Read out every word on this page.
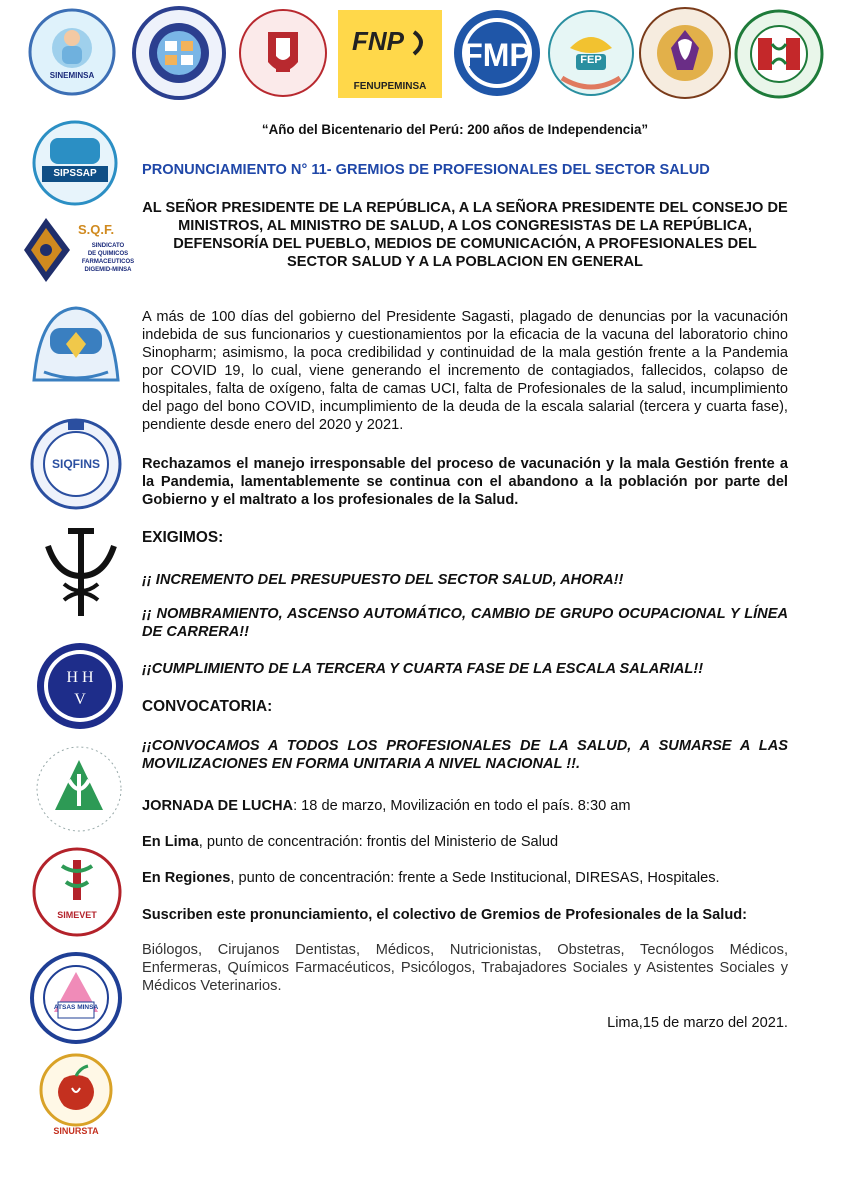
SINEMINSA
FNP
FENUPEMINSA
FMP	FEP
SIPSSAP
S.Q.F.
SINDICATO
DE QUIMICOS
FARMACEUTICOS
DIGEMID-MINSA
SIQFINS
H H
V
SIMEVET
ATSAS MINSA
SINURSTA
“Año del Bicentenario del Perú: 200 años de Independencia”
PRONUNCIAMIENTO N° 11- GREMIOS DE PROFESIONALES DEL SECTOR SALUD
AL SEÑOR PRESIDENTE DE LA REPÚBLICA, A LA SEÑORA PRESIDENTE DEL CONSEJO DE MINISTROS, AL MINISTRO DE SALUD, A LOS CONGRESISTAS DE LA REPÚBLICA, DEFENSORÍA DEL PUEBLO, MEDIOS DE COMUNICACIÓN, A PROFESIONALES DEL SECTOR SALUD Y A LA POBLACION EN GENERAL

A más de 100 días del gobierno del Presidente Sagasti, plagado de denuncias por la vacunación indebida de sus funcionarios y cuestionamientos por la eficacia de la vacuna del laboratorio chino Sinopharm; asimismo, la poca credibilidad y continuidad de la mala gestión frente a la Pandemia por COVID 19, lo cual, viene generando el incremento de contagiados, fallecidos, colapso de hospitales, falta de oxígeno, falta de camas UCI, falta de Profesionales de la salud, incumplimiento del pago del bono COVID, incumplimiento de la deuda de la escala salarial (tercera y cuarta fase), pendiente desde enero del 2020 y 2021.

Rechazamos el manejo irresponsable del proceso de vacunación y la mala Gestión frente a la Pandemia, lamentablemente se continua con el abandono a la población por parte del Gobierno y el maltrato a los profesionales de la Salud.

EXIGIMOS:
¡¡ INCREMENTO DEL PRESUPUESTO DEL SECTOR SALUD, AHORA!!
¡¡ NOMBRAMIENTO, ASCENSO AUTOMÁTICO, CAMBIO DE GRUPO OCUPACIONAL Y LÍNEA DE CARRERA!!
¡¡CUMPLIMIENTO DE LA TERCERA Y CUARTA FASE DE LA ESCALA SALARIAL!!
CONVOCATORIA:
¡¡CONVOCAMOS A TODOS LOS PROFESIONALES DE LA SALUD, A SUMARSE A LAS MOVILIZACIONES EN FORMA UNITARIA A NIVEL NACIONAL !!.
JORNADA DE LUCHA: 18 de marzo, Movilización en todo el país. 8:30 am
En Lima, punto de concentración: frontis del Ministerio de Salud
En Regiones, punto de concentración: frente a Sede Institucional, DIRESAS, Hospitales.
Suscriben este pronunciamiento, el colectivo de Gremios de Profesionales de la Salud:

Biólogos, Cirujanos Dentistas, Médicos, Nutricionistas, Obstetras, Tecnólogos Médicos, Enfermeras, Químicos Farmacéuticos, Psicólogos, Trabajadores Sociales y Asistentes Sociales y Médicos Veterinarios.

Lima,15 de marzo del 2021.
